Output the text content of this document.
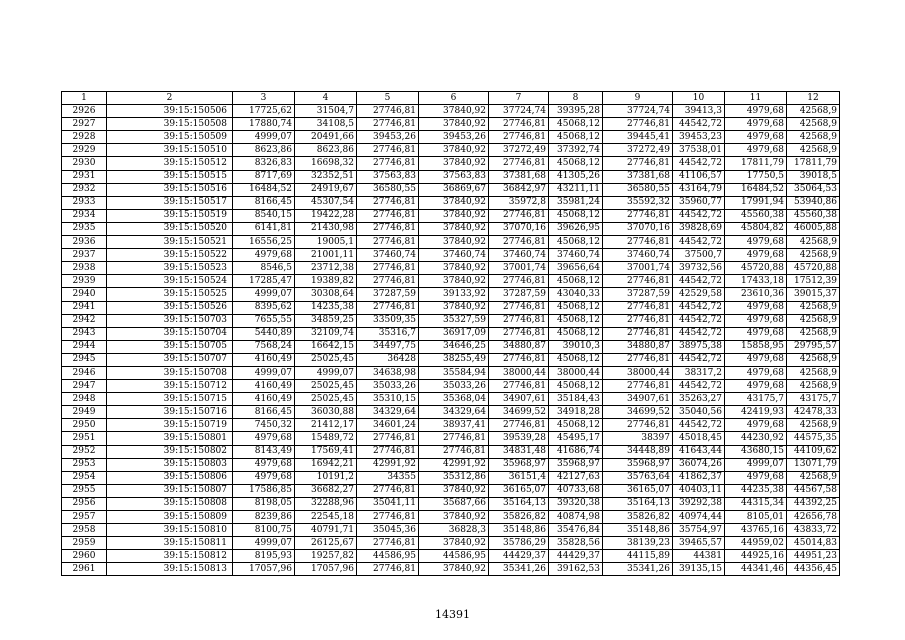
1	2	3	4	5	6	7	8	9	10	11	12
2926	39:15:150506	17725,62	31504,7	27746,81	37840,92	37724,74	39395,28	37724,74	39413,3	4979,68	42568,9
2927	39:15:150508	17880,74	34108,5	27746,81	37840,92	27746,81	45068,12	27746,81	44542,72	4979,68	42568,9
2928	39:15:150509	4999,07	20491,66	39453,26	39453,26	27746,81	45068,12	39445,41	39453,23	4979,68	42568,9
2929	39:15:150510	8623,86	8623,86	27746,81	37840,92	37272,49	37392,74	37272,49	37538,01	4979,68	42568,9
2930	39:15:150512	8326,83	16698,32	27746,81	37840,92	27746,81	45068,12	27746,81	44542,72	17811,79	17811,79
2931	39:15:150515	8717,69	32352,51	37563,83	37563,83	37381,68	41305,26	37381,68	41106,57	17750,5	39018,5
2932	39:15:150516	16484,52	24919,67	36580,55	36869,67	36842,97	43211,11	36580,55	43164,79	16484,52	35064,53
2933	39:15:150517	8166,45	45307,54	27746,81	37840,92	35972,8	35981,24	35592,32	35960,77	17991,94	53940,86
2934	39:15:150519	8540,15	19422,28	27746,81	37840,92	27746,81	45068,12	27746,81	44542,72	45560,38	45560,38
2935	39:15:150520	6141,81	21430,98	27746,81	37840,92	37070,16	39626,95	37070,16	39828,69	45804,82	46005,88
2936	39:15:150521	16556,25	19005,1	27746,81	37840,92	27746,81	45068,12	27746,81	44542,72	4979,68	42568,9
2937	39:15:150522	4979,68	21001,11	37460,74	37460,74	37460,74	37460,74	37460,74	37500,7	4979,68	42568,9
2938	39:15:150523	8546,5	23712,38	27746,81	37840,92	37001,74	39656,64	37001,74	39732,56	45720,88	45720,88
2939	39:15:150524	17285,47	19389,82	27746,81	37840,92	27746,81	45068,12	27746,81	44542,72	17433,18	17512,39
2940	39:15:150525	4999,07	30308,64	37287,59	39133,92	37287,59	43040,33	37287,59	42529,58	23610,36	39015,37
2941	39:15:150526	8395,62	14235,38	27746,81	37840,92	27746,81	45068,12	27746,81	44542,72	4979,68	42568,9
2942	39:15:150703	7655,55	34859,25	33509,35	35327,59	27746,81	45068,12	27746,81	44542,72	4979,68	42568,9
2943	39:15:150704	5440,89	32109,74	35316,7	36917,09	27746,81	45068,12	27746,81	44542,72	4979,68	42568,9
2944	39:15:150705	7568,24	16642,15	34497,75	34646,25	34880,87	39010,3	34880,87	38975,38	15858,95	29795,57
2945	39:15:150707	4160,49	25025,45	36428	38255,49	27746,81	45068,12	27746,81	44542,72	4979,68	42568,9
2946	39:15:150708	4999,07	4999,07	34638,98	35584,94	38000,44	38000,44	38000,44	38317,2	4979,68	42568,9
2947	39:15:150712	4160,49	25025,45	35033,26	35033,26	27746,81	45068,12	27746,81	44542,72	4979,68	42568,9
2948	39:15:150715	4160,49	25025,45	35310,15	35368,04	34907,61	35184,43	34907,61	35263,27	43175,7	43175,7
2949	39:15:150716	8166,45	36030,88	34329,64	34329,64	34699,52	34918,28	34699,52	35040,56	42419,93	42478,33
2950	39:15:150719	7450,32	21412,17	34601,24	38937,41	27746,81	45068,12	27746,81	44542,72	4979,68	42568,9
2951	39:15:150801	4979,68	15489,72	27746,81	27746,81	39539,28	45495,17	38397	45018,45	44230,92	44575,35
2952	39:15:150802	8143,49	17569,41	27746,81	27746,81	34831,48	41686,74	34448,89	41643,44	43680,15	44109,62
2953	39:15:150803	4979,68	16942,21	42991,92	42991,92	35968,97	35968,97	35968,97	36074,26	4999,07	13071,79
2954	39:15:150806	4979,68	10191,2	34355	35312,86	36151,4	42127,63	35763,64	41862,37	4979,68	42568,9
2955	39:15:150807	17586,85	36682,27	27746,81	37840,92	36165,07	40733,68	36165,07	40403,11	44235,38	44567,58
2956	39:15:150808	8198,05	32288,96	35041,11	35687,66	35164,13	39320,38	35164,13	39292,38	44315,34	44392,25
2957	39:15:150809	8239,86	22545,18	27746,81	37840,92	35826,82	40874,98	35826,82	40974,44	8105,01	42656,78
2958	39:15:150810	8100,75	40791,71	35045,36	36828,3	35148,86	35476,84	35148,86	35754,97	43765,16	43833,72
2959	39:15:150811	4999,07	26125,67	27746,81	37840,92	35786,29	35828,56	38139,23	39465,57	44959,02	45014,83
2960	39:15:150812	8195,93	19257,82	44586,95	44586,95	44429,37	44429,37	44115,89	44381	44925,16	44951,23
2961	39:15:150813	17057,96	17057,96	27746,81	37840,92	35341,26	39162,53	35341,26	39135,15	44341,46	44356,45
14391
